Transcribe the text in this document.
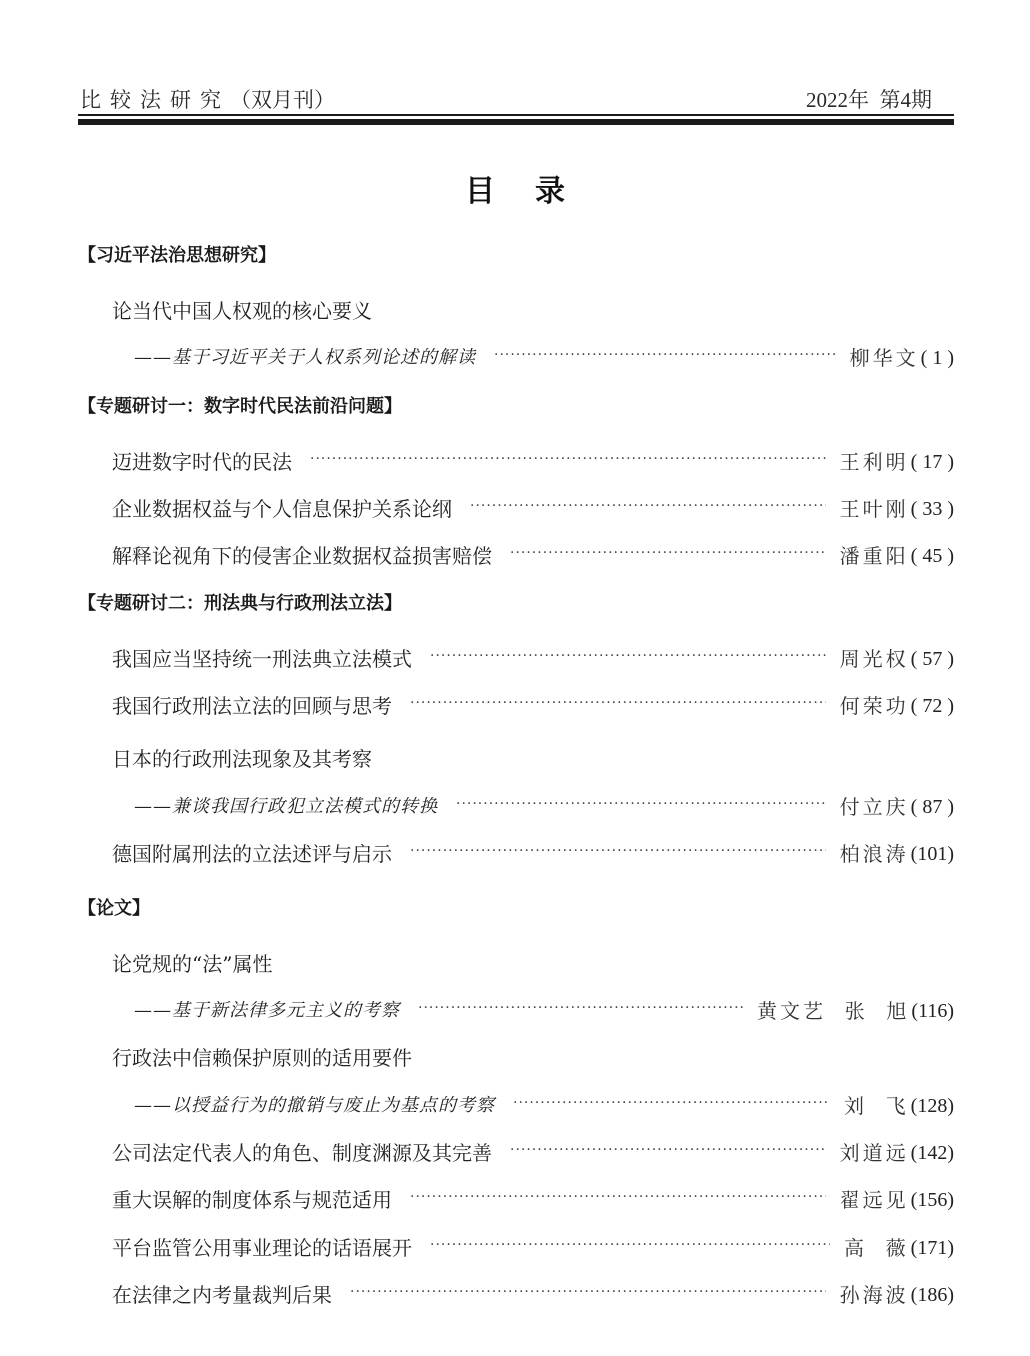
比较法研究（双月刊）	2022年 第4期
目录
【习近平法治思想研究】
论当代中国人权观的核心要义
——基于习近平关于人权系列论述的解读 ·····	柳华文 ( 1 )
【专题研讨一：数字时代民法前沿问题】
迈进数字时代的民法 ·····	王利明 ( 17 )
企业数据权益与个人信息保护关系论纲 ·····	王叶刚 ( 33 )
解释论视角下的侵害企业数据权益损害赔偿 ·····	潘重阳 ( 45 )
【专题研讨二：刑法典与行政刑法立法】
我国应当坚持统一刑法典立法模式 ·····	周光权 ( 57 )
我国行政刑法立法的回顾与思考 ·····	何荣功 ( 72 )
日本的行政刑法现象及其考察
——兼谈我国行政犯立法模式的转换 ·····	付立庆 ( 87 )
德国附属刑法的立法述评与启示 ·····	柏浪涛 (101)
【论文】
论党规的“法”属性
——基于新法律多元主义的考察 ·····	黄文艺  张  旭 (116)
行政法中信赖保护原则的适用要件
——以授益行为的撤销与废止为基点的考察 ·····	刘  飞 (128)
公司法定代表人的角色、制度渊源及其完善 ·····	刘道远 (142)
重大误解的制度体系与规范适用 ·····	翟远见 (156)
平台监管公用事业理论的话语展开 ·····	高  薇 (171)
在法律之内考量裁判后果 ·····	孙海波 (186)
